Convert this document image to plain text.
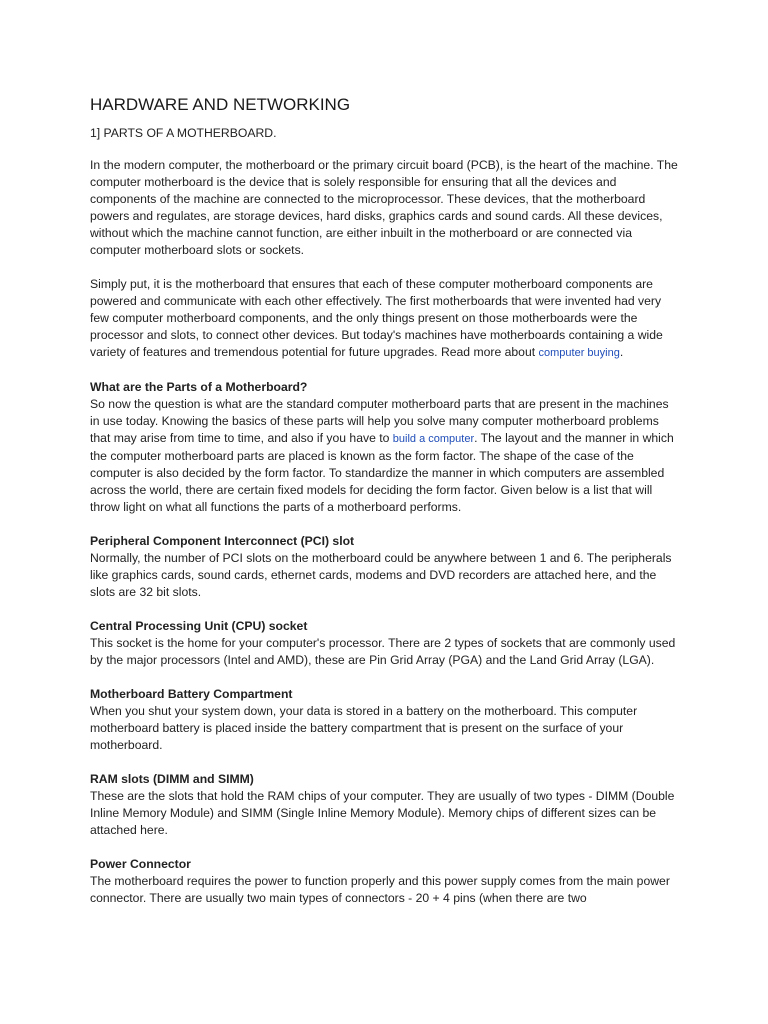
HARDWARE AND NETWORKING
1] PARTS OF A MOTHERBOARD.

In the modern computer, the motherboard or the primary circuit board (PCB), is the heart of the machine. The computer motherboard is the device that is solely responsible for ensuring that all the devices and components of the machine are connected to the microprocessor. These devices, that the motherboard powers and regulates, are storage devices, hard disks, graphics cards and sound cards. All these devices, without which the machine cannot function, are either inbuilt in the motherboard or are connected via computer motherboard slots or sockets.

Simply put, it is the motherboard that ensures that each of these computer motherboard components are powered and communicate with each other effectively. The first motherboards that were invented had very few computer motherboard components, and the only things present on those motherboards were the processor and slots, to connect other devices. But today's machines have motherboards containing a wide variety of features and tremendous potential for future upgrades. Read more about computer buying.

What are the Parts of a Motherboard?
So now the question is what are the standard computer motherboard parts that are present in the machines in use today. Knowing the basics of these parts will help you solve many computer motherboard problems that may arise from time to time, and also if you have to build a computer. The layout and the manner in which the computer motherboard parts are placed is known as the form factor. The shape of the case of the computer is also decided by the form factor. To standardize the manner in which computers are assembled across the world, there are certain fixed models for deciding the form factor. Given below is a list that will throw light on what all functions the parts of a motherboard performs.
Peripheral Component Interconnect (PCI) slot
Normally, the number of PCI slots on the motherboard could be anywhere between 1 and 6. The peripherals like graphics cards, sound cards, ethernet cards, modems and DVD recorders are attached here, and the slots are 32 bit slots.
Central Processing Unit (CPU) socket
This socket is the home for your computer's processor. There are 2 types of sockets that are commonly used by the major processors (Intel and AMD), these are Pin Grid Array (PGA) and the Land Grid Array (LGA).
Motherboard Battery Compartment
When you shut your system down, your data is stored in a battery on the motherboard. This computer motherboard battery is placed inside the battery compartment that is present on the surface of your motherboard.
RAM slots (DIMM and SIMM)
These are the slots that hold the RAM chips of your computer. They are usually of two types - DIMM (Double Inline Memory Module) and SIMM (Single Inline Memory Module). Memory chips of different sizes can be attached here.
Power Connector
The motherboard requires the power to function properly and this power supply comes from the main power connector. There are usually two main types of connectors - 20 + 4 pins (when there are two
